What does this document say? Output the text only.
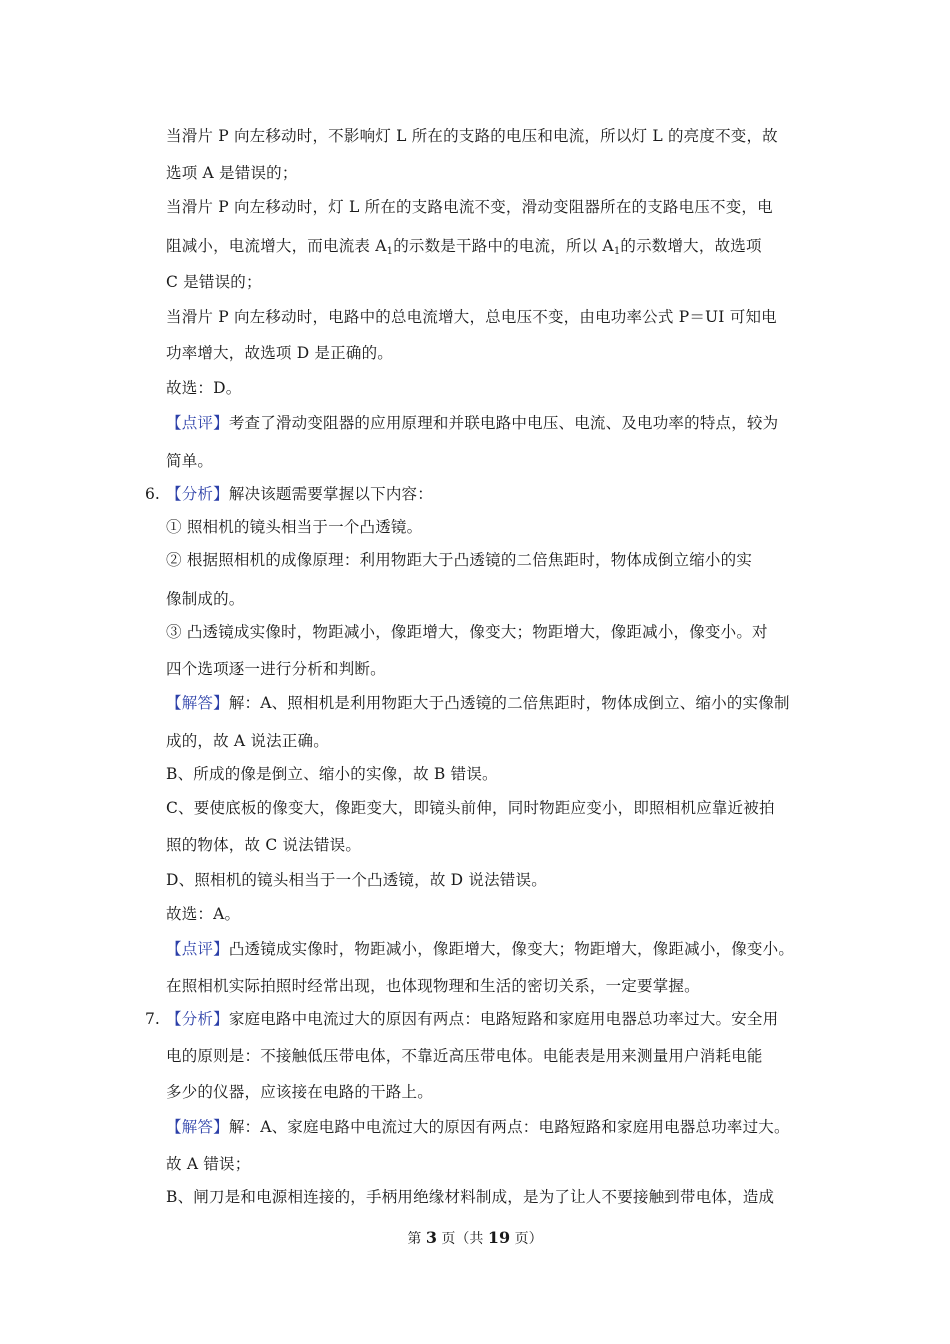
当滑片 P 向左移动时，不影响灯 L 所在的支路的电压和电流，所以灯 L 的亮度不变，故
选项 A 是错误的；
当滑片 P 向左移动时，灯 L 所在的支路电流不变，滑动变阻器所在的支路电压不变，电
阻减小，电流增大，而电流表 $A_1$的示数是干路中的电流，所以 $A_1$的示数增大，故选项
C 是错误的；
当滑片 P 向左移动时，电路中的总电流增大，总电压不变，由电功率公式 P＝UI 可知电
功率增大，故选项 D 是正确的。
故选：D。
【点评】考查了滑动变阻器的应用原理和并联电路中电压、电流、及电功率的特点，较为
简单。
6. 【分析】解决该题需要掌握以下内容：
① 照相机的镜头相当于一个凸透镜。
② 根据照相机的成像原理：利用物距大于凸透镜的二倍焦距时，物体成倒立缩小的实
像制成的。
③ 凸透镜成实像时，物距减小，像距增大，像变大；物距增大，像距减小，像变小。对
四个选项逐一进行分析和判断。
【解答】解：A、照相机是利用物距大于凸透镜的二倍焦距时，物体成倒立、缩小的实像制
成的，故 A 说法正确。
B、所成的像是倒立、缩小的实像，故 B 错误。
C、要使底板的像变大，像距变大，即镜头前伸，同时物距应变小，即照相机应靠近被拍
照的物体，故 C 说法错误。
D、照相机的镜头相当于一个凸透镜，故 D 说法错误。
故选：A。
【点评】凸透镜成实像时，物距减小，像距增大，像变大；物距增大，像距减小，像变小。
在照相机实际拍照时经常出现，也体现物理和生活的密切关系，一定要掌握。
7. 【分析】家庭电路中电流过大的原因有两点：电路短路和家庭用电器总功率过大。安全用
电的原则是：不接触低压带电体，不靠近高压带电体。电能表是用来测量用户消耗电能
多少的仪器，应该接在电路的干路上。
【解答】解：A、家庭电路中电流过大的原因有两点：电路短路和家庭用电器总功率过大。
故 A 错误；
B、闸刀是和电源相连接的，手柄用绝缘材料制成，是为了让人不要接触到带电体，造成
第 3 页（共 19 页）
